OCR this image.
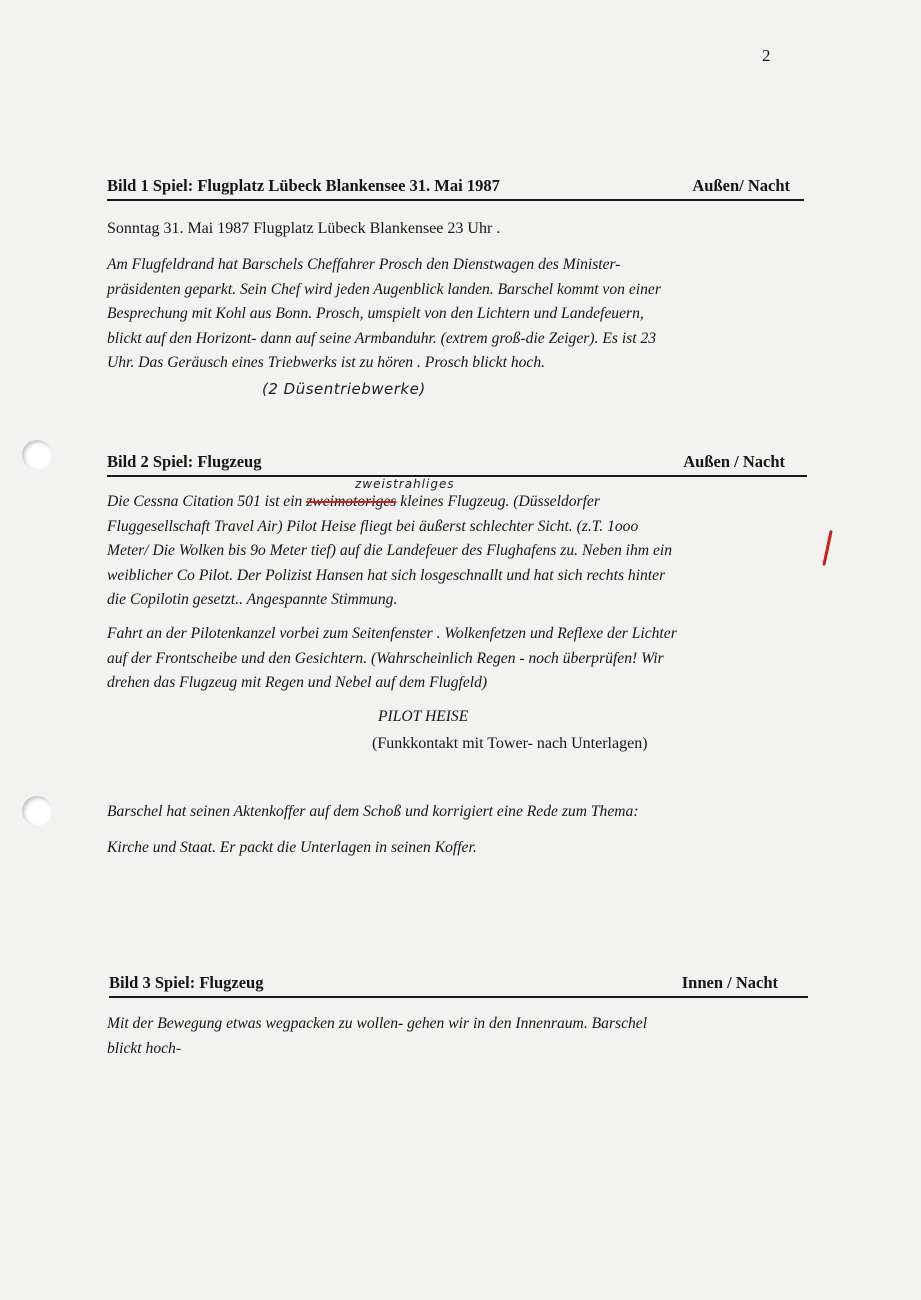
2
Bild 1 Spiel: Flugplatz Lübeck Blankensee 31. Mai 1987	Außen/ Nacht
Sonntag 31. Mai 1987 Flugplatz Lübeck Blankensee 23 Uhr .
Am Flugfeldrand hat Barschels Cheffahrer Prosch den Dienstwagen des Minister-
präsidenten geparkt. Sein Chef wird jeden Augenblick landen. Barschel kommt von einer
Besprechung mit Kohl aus Bonn. Prosch, umspielt von den Lichtern und Landefeuern,
blickt auf den Horizont- dann auf seine Armbanduhr. (extrem groß-die Zeiger). Es ist 23
Uhr. Das Geräusch eines Triebwerks ist zu hören . Prosch blickt hoch.
(2 Düsentriebwerke)
Bild 2 Spiel: Flugzeug	Außen / Nacht
zweistrahliges
Die Cessna Citation 501 ist ein zweimotoriges kleines Flugzeug. (Düsseldorfer
Fluggesellschaft Travel Air) Pilot Heise fliegt bei äußerst schlechter Sicht. (z.T. 1ooo
Meter/ Die Wolken bis 9o Meter tief) auf die Landefeuer des Flughafens zu. Neben ihm ein
weiblicher Co Pilot. Der Polizist Hansen hat sich losgeschnallt und hat sich rechts hinter
die Copilotin gesetzt.. Angespannte Stimmung.
Fahrt an der Pilotenkanzel vorbei zum Seitenfenster . Wolkenfetzen und Reflexe der Lichter
auf der Frontscheibe und den Gesichtern. (Wahrscheinlich Regen - noch überprüfen! Wir
drehen das Flugzeug mit Regen und Nebel auf dem Flugfeld)
PILOT HEISE
(Funkkontakt mit Tower- nach Unterlagen)
Barschel hat seinen Aktenkoffer auf dem Schoß und korrigiert eine Rede zum Thema:
Kirche und Staat. Er packt die Unterlagen in seinen Koffer.
Bild 3 Spiel: Flugzeug	Innen / Nacht
Mit der Bewegung etwas wegpacken zu wollen- gehen wir in den Innenraum. Barschel
blickt hoch-
